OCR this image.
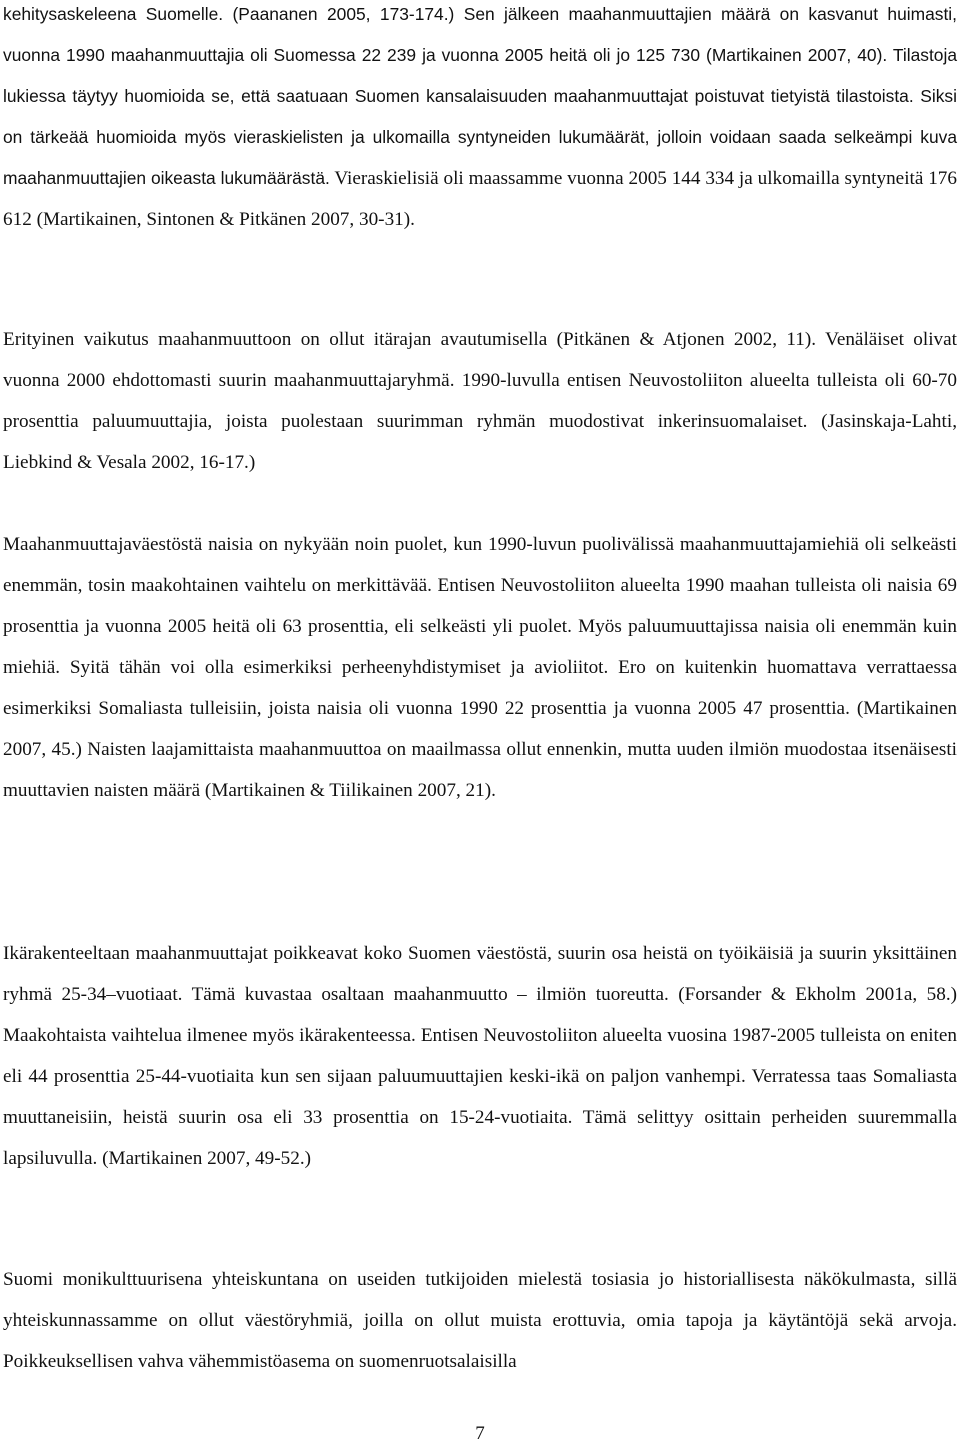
kehitysaskeleena Suomelle. (Paananen 2005, 173-174.) Sen jälkeen maahanmuuttajien määrä on kasvanut huimasti, vuonna 1990 maahanmuuttajia oli Suomessa 22 239 ja vuonna 2005 heitä oli jo 125 730 (Martikainen 2007, 40). Tilastoja lukiessa täytyy huomioida se, että saatuaan Suomen kansalaisuuden maahanmuuttajat poistuvat tietyistä tilastoista. Siksi on tärkeää huomioida myös vieraskielisten ja ulkomailla syntyneiden lukumäärät, jolloin voidaan saada selkeämpi kuva maahanmuuttajien oikeasta lukumäärästä. Vieraskielisiä oli maassamme vuonna 2005 144 334 ja ulkomailla syntyneitä 176 612 (Martikainen, Sintonen & Pitkänen 2007, 30-31).

Erityinen vaikutus maahanmuuttoon on ollut itärajan avautumisella (Pitkänen & Atjonen 2002, 11). Venäläiset olivat vuonna 2000 ehdottomasti suurin maahanmuuttajaryhmä. 1990-luvulla entisen Neuvostoliiton alueelta tulleista oli 60-70 prosenttia paluumuuttajia, joista puolestaan suurimman ryhmän muodostivat inkerinsuomalaiset. (Jasinskaja-Lahti, Liebkind & Vesala 2002, 16-17.)

Maahanmuuttajaväestöstä naisia on nykyään noin puolet, kun 1990-luvun puolivälissä maahanmuuttajamiehiä oli selkeästi enemmän, tosin maakohtainen vaihtelu on merkittävää. Entisen Neuvostoliiton alueelta 1990 maahan tulleista oli naisia 69 prosenttia ja vuonna 2005 heitä oli 63 prosenttia, eli selkeästi yli puolet. Myös paluumuuttajissa naisia oli enemmän kuin miehiä. Syitä tähän voi olla esimerkiksi perheenyhdistymiset ja avioliitot. Ero on kuitenkin huomattava verrattaessa esimerkiksi Somaliasta tulleisiin, joista naisia oli vuonna 1990 22 prosenttia ja vuonna 2005 47 prosenttia. (Martikainen 2007, 45.) Naisten laajamittaista maahanmuuttoa on maailmassa ollut ennenkin, mutta uuden ilmiön muodostaa itsenäisesti muuttavien naisten määrä (Martikainen & Tiilikainen 2007, 21).

Ikärakenteeltaan maahanmuuttajat poikkeavat koko Suomen väestöstä, suurin osa heistä on työikäisiä ja suurin yksittäinen ryhmä 25-34–vuotiaat. Tämä kuvastaa osaltaan maahanmuutto – ilmiön tuoreutta. (Forsander & Ekholm 2001a, 58.) Maakohtaista vaihtelua ilmenee myös ikärakenteessa. Entisen Neuvostoliiton alueelta vuosina 1987-2005 tulleista on eniten eli 44 prosenttia 25-44-vuotiaita kun sen sijaan paluumuuttajien keski-ikä on paljon vanhempi. Verratessa taas Somaliasta muuttaneisiin, heistä suurin osa eli 33 prosenttia on 15-24-vuotiaita. Tämä selittyy osittain perheiden suuremmalla lapsiluvulla. (Martikainen 2007, 49-52.)

Suomi monikulttuurisena yhteiskuntana on useiden tutkijoiden mielestä tosiasia jo historiallisesta näkökulmasta, sillä yhteiskunnassamme on ollut väestöryhmiä, joilla on ollut muista erottuvia, omia tapoja ja käytäntöjä sekä arvoja. Poikkeuksellisen vahva vähemmistöasema on suomenruotsalaisilla

7
